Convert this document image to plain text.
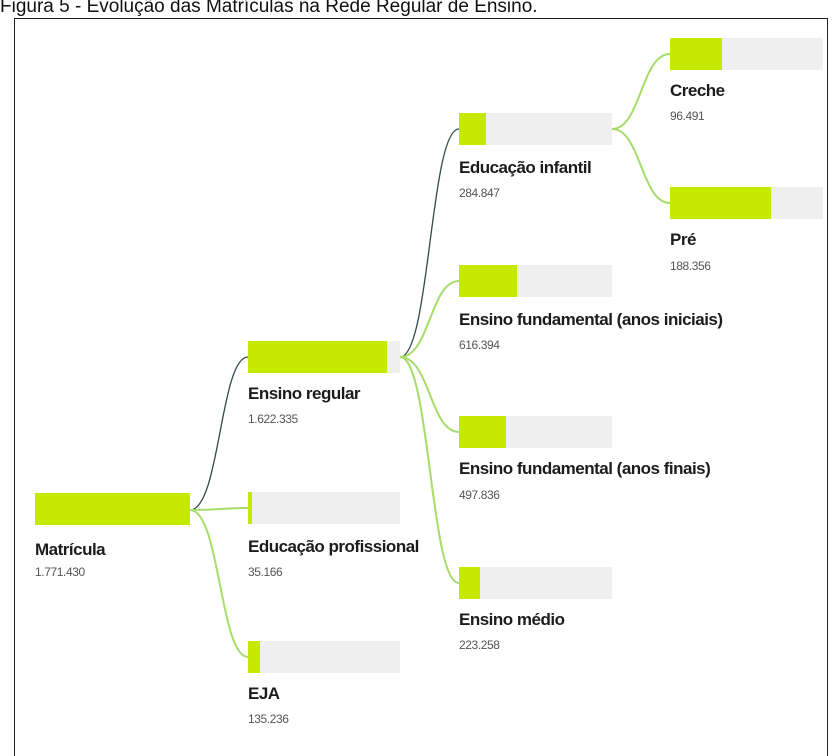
Figura 5 - Evolução das Matrículas na Rede Regular de Ensino.
Matrícula
1.771.430
Ensino regular
1.622.335
Educação profissional
35.166
EJA
135.236
Educação infantil
284.847
Ensino fundamental (anos iniciais)
616.394
Ensino fundamental (anos finais)
497.836
Ensino médio
223.258
Creche
96.491
Pré
188.356
